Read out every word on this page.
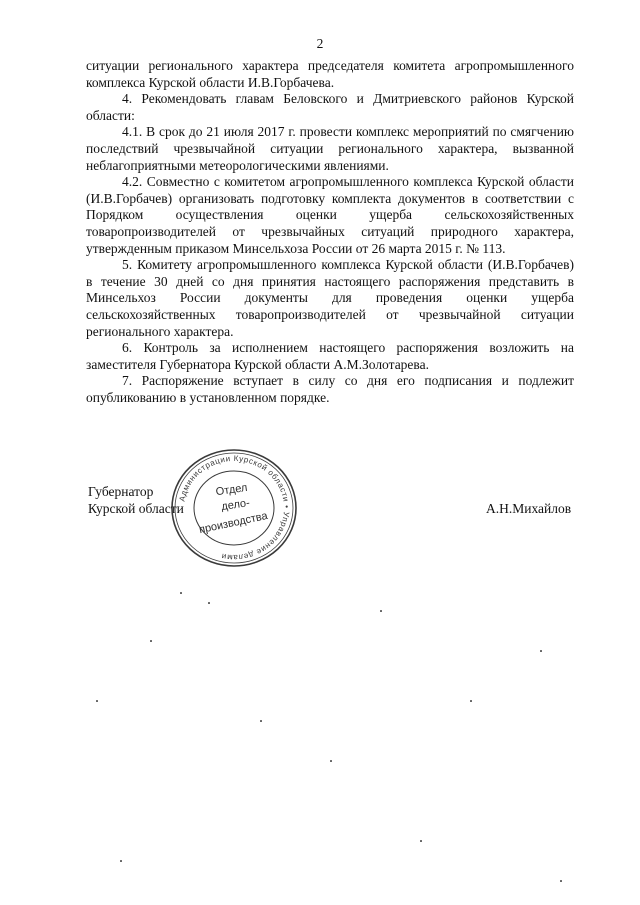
2

ситуации регионального характера председателя комитета агропромышленного комплекса Курской области И.В.Горбачева.

4. Рекомендовать главам Беловского и Дмитриевского районов Курской области:

4.1. В срок до 21 июля 2017 г. провести комплекс мероприятий по смягчению последствий чрезвычайной ситуации регионального характера, вызванной неблагоприятными метеорологическими явлениями.

4.2. Совместно с комитетом агропромышленного комплекса Курской области (И.В.Горбачев) организовать подготовку комплекта документов в соответствии с Порядком осуществления оценки ущерба сельскохозяйственных товаропроизводителей от чрезвычайных ситуаций природного характера, утвержденным приказом Минсельхоза России от 26 марта 2015 г. № 113.

5. Комитету агропромышленного комплекса Курской области (И.В.Горбачев) в течение 30 дней со дня принятия настоящего распоряжения представить в Минсельхоз России документы для проведения оценки ущерба сельскохозяйственных товаропроизводителей от чрезвычайной ситуации регионального характера.

6. Контроль за исполнением настоящего распоряжения возложить на заместителя Губернатора Курской области А.М.Золотарева.

7. Распоряжение вступает в силу со дня его подписания и подлежит опубликованию в установленном порядке.

Губернатор
Курской области	А.Н.Михайлов
Администрации Курской области • Управление делами
Отдел
дело-
производства
